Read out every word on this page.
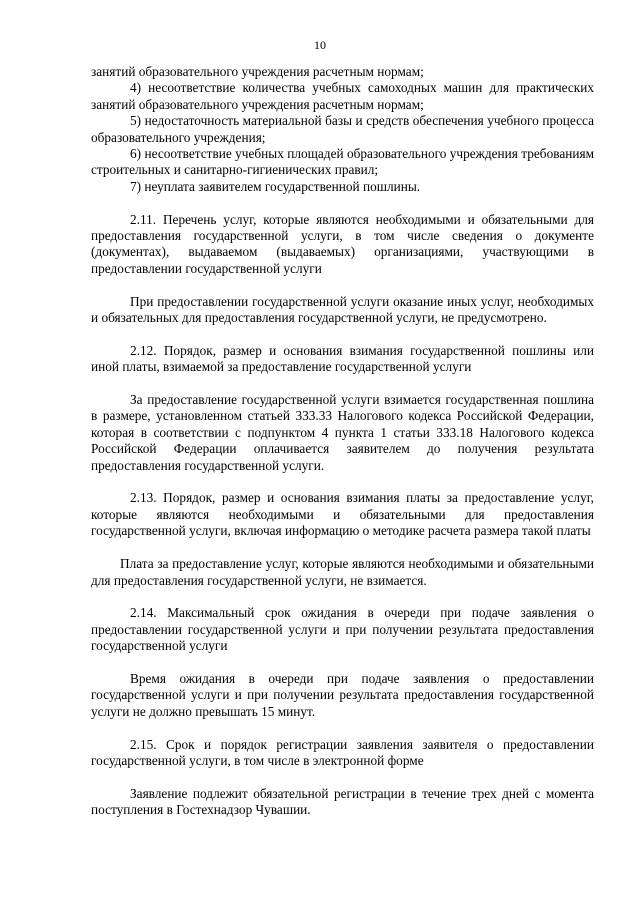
10

занятий образовательного учреждения расчетным нормам;

4) несоответствие количества учебных самоходных машин для практических занятий образовательного учреждения расчетным нормам;

5) недостаточность материальной базы и средств обеспечения учебного процесса образовательного учреждения;

6) несоответствие учебных площадей образовательного учреждения требованиям строительных и санитарно-гигиенических правил;

7) неуплата заявителем государственной пошлины.

2.11. Перечень услуг, которые являются необходимыми и обязательными для предоставления государственной услуги, в том числе сведения о документе (документах), выдаваемом (выдаваемых) организациями, участвующими в предоставлении государственной услуги

При предоставлении государственной услуги оказание иных услуг, необходимых и обязательных для предоставления государственной услуги, не предусмотрено.

2.12. Порядок, размер и основания взимания государственной пошлины или иной платы, взимаемой за предоставление государственной услуги

За предоставление государственной услуги взимается государственная пошлина в размере, установленном статьей 333.33 Налогового кодекса Российской Федерации, которая в соответствии с подпунктом 4 пункта 1 статьи 333.18 Налогового кодекса Российской Федерации оплачивается заявителем до получения результата предоставления государственной услуги.

2.13. Порядок, размер и основания взимания платы за предоставление услуг, которые являются необходимыми и обязательными для предоставления государственной услуги, включая информацию о методике расчета размера такой платы

Плата за предоставление услуг, которые являются необходимыми и обязательными для предоставления государственной услуги, не взимается.

2.14. Максимальный срок ожидания в очереди при подаче заявления о предоставлении государственной услуги и при получении результата предоставления государственной услуги

Время ожидания в очереди при подаче заявления о предоставлении государственной услуги и при получении результата предоставления государственной услуги не должно превышать 15 минут.

2.15. Срок и порядок регистрации заявления заявителя о предоставлении государственной услуги, в том числе в электронной форме

Заявление подлежит обязательной регистрации в течение трех дней с момента поступления в Гостехнадзор Чувашии.
